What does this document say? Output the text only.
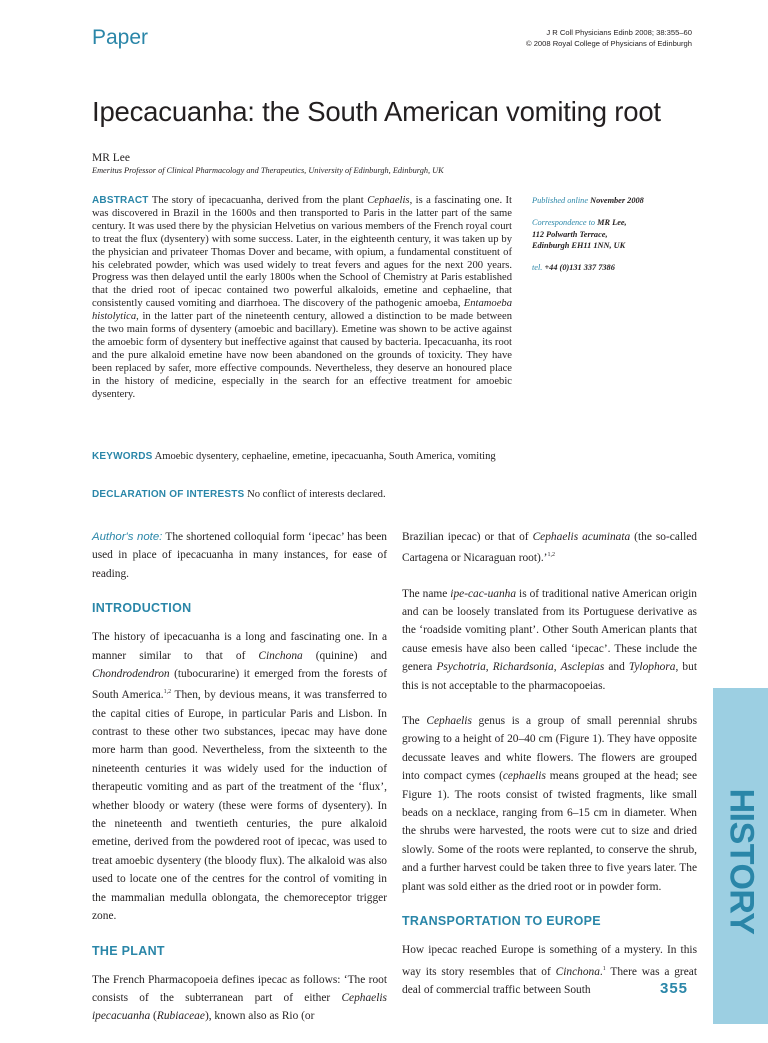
Paper	J R Coll Physicians Edinb 2008; 38:355–60
© 2008 Royal College of Physicians of Edinburgh
Ipecacuanha: the South American vomiting root
MR Lee
Emeritus Professor of Clinical Pharmacology and Therapeutics, University of Edinburgh, Edinburgh, UK
ABSTRACT The story of ipecacuanha, derived from the plant Cephaelis, is a fascinating one. It was discovered in Brazil in the 1600s and then transported to Paris in the latter part of the same century. It was used there by the physician Helvetius on various members of the French royal court to treat the flux (dysentery) with some success. Later, in the eighteenth century, it was taken up by the physician and privateer Thomas Dover and became, with opium, a fundamental constituent of his celebrated powder, which was used widely to treat fevers and agues for the next 200 years. Progress was then delayed until the early 1800s when the School of Chemistry at Paris established that the dried root of ipecac contained two powerful alkaloids, emetine and cephaeline, that consistently caused vomiting and diarrhoea. The discovery of the pathogenic amoeba, Entamoeba histolytica, in the latter part of the nineteenth century, allowed a distinction to be made between the two main forms of dysentery (amoebic and bacillary). Emetine was shown to be active against the amoebic form of dysentery but ineffective against that caused by bacteria. Ipecacuanha, its root and the pure alkaloid emetine have now been abandoned on the grounds of toxicity. They have been replaced by safer, more effective compounds. Nevertheless, they deserve an honoured place in the history of medicine, especially in the search for an effective treatment for amoebic dysentery.
KEYWORDS Amoebic dysentery, cephaeline, emetine, ipecacuanha, South America, vomiting
DECLARATION OF INTERESTS No conflict of interests declared.

Published online November 2008

Correspondence to MR Lee,
112 Polwarth Terrace,
Edinburgh EH11 1NN, UK

tel. +44 (0)131 337 7386

Author's note: The shortened colloquial form ‘ipecac’ has been used in place of ipecacuanha in many instances, for ease of reading.

INTRODUCTION

The history of ipecacuanha is a long and fascinating one. In a manner similar to that of Cinchona (quinine) and Chondrodendron (tubocurarine) it emerged from the forests of South America.$^{1,2}$ Then, by devious means, it was transferred to the capital cities of Europe, in particular Paris and Lisbon. In contrast to these other two substances, ipecac may have done more harm than good. Nevertheless, from the sixteenth to the nineteenth centuries it was widely used for the induction of therapeutic vomiting and as part of the treatment of the ‘flux’, whether bloody or watery (these were forms of dysentery). In the nineteenth and twentieth centuries, the pure alkaloid emetine, derived from the powdered root of ipecac, was used to treat amoebic dysentery (the bloody flux). The alkaloid was also used to locate one of the centres for the control of vomiting in the mammalian medulla oblongata, the chemoreceptor trigger zone.

THE PLANT

The French Pharmacopoeia defines ipecac as follows: ‘The root consists of the subterranean part of either Cephaelis ipecacuanha (Rubiaceae), known also as Rio (or

Brazilian ipecac) or that of Cephaelis acuminata (the so-called Cartagena or Nicaraguan root).’$^{1,2}$

The name ipe-cac-uanha is of traditional native American origin and can be loosely translated from its Portuguese derivative as the ‘roadside vomiting plant’. Other South American plants that cause emesis have also been called ‘ipecac’. These include the genera Psychotria, Richardsonia, Asclepias and Tylophora, but this is not acceptable to the pharmacopoeias.

The Cephaelis genus is a group of small perennial shrubs growing to a height of 20–40 cm (Figure 1). They have opposite decussate leaves and white flowers. The flowers are grouped into compact cymes (cephaelis means grouped at the head; see Figure 1). The roots consist of twisted fragments, like small beads on a necklace, ranging from 6–15 cm in diameter. When the shrubs were harvested, the roots were cut to size and dried slowly. Some of the roots were replanted, to conserve the shrub, and a further harvest could be taken three to five years later. The plant was sold either as the dried root or in powder form.

TRANSPORTATION TO EUROPE

How ipecac reached Europe is something of a mystery. In this way its story resembles that of Cinchona.$^1$ There was a great deal of commercial traffic between South

HISTORY
355
